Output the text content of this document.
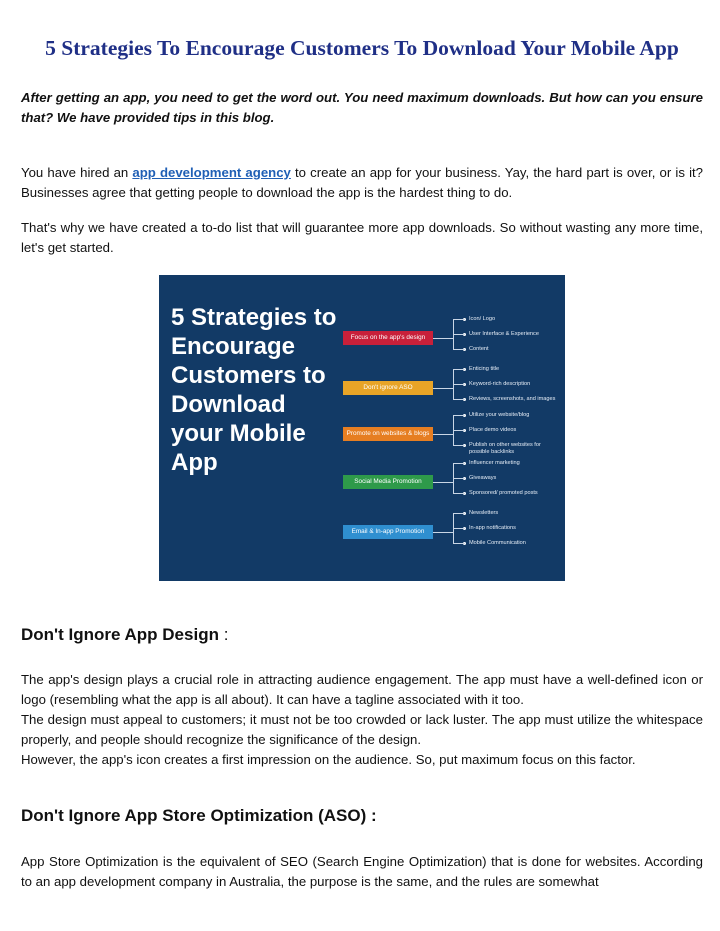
5 Strategies To Encourage Customers To Download Your Mobile App

After getting an app, you need to get the word out. You need maximum downloads. But how can you ensure that? We have provided tips in this blog.

You have hired an app development agency to create an app for your business. Yay, the hard part is over, or is it? Businesses agree that getting people to download the app is the hardest thing to do.

That's why we have created a to-do list that will guarantee more app downloads. So without wasting any more time, let's get started.

Don't Ignore App Design :
The app's design plays a crucial role in attracting audience engagement. The app must have a well-defined icon or logo (resembling what the app is all about). It can have a tagline associated with it too.
The design must appeal to customers; it must not be too crowded or lack luster. The app must utilize the whitespace properly, and people should recognize the significance of the design.
However, the app's icon creates a first impression on the audience. So, put maximum focus on this factor.
Don't Ignore App Store Optimization (ASO) :

App Store Optimization is the equivalent of SEO (Search Engine Optimization) that is done for websites. According to an app development company in Australia, the purpose is the same, and the rules are somewhat

5 Strategies to Encourage Customers to Download your Mobile App

Focus on the app's design
Icon/ Logo
User Interface & Experience
Content
Don't ignore ASO
Enticing title
Keyword-rich description
Reviews, screenshots, and images
Promote on websites & blogs
Utilize your website/blog
Place demo videos
Publish on other websites for possible backlinks
Social Media Promotion
Influencer marketing
Giveaways
Sponsored/ promoted posts
Email & In-app Promotion
Newsletters
In-app notifications
Mobile Communication
